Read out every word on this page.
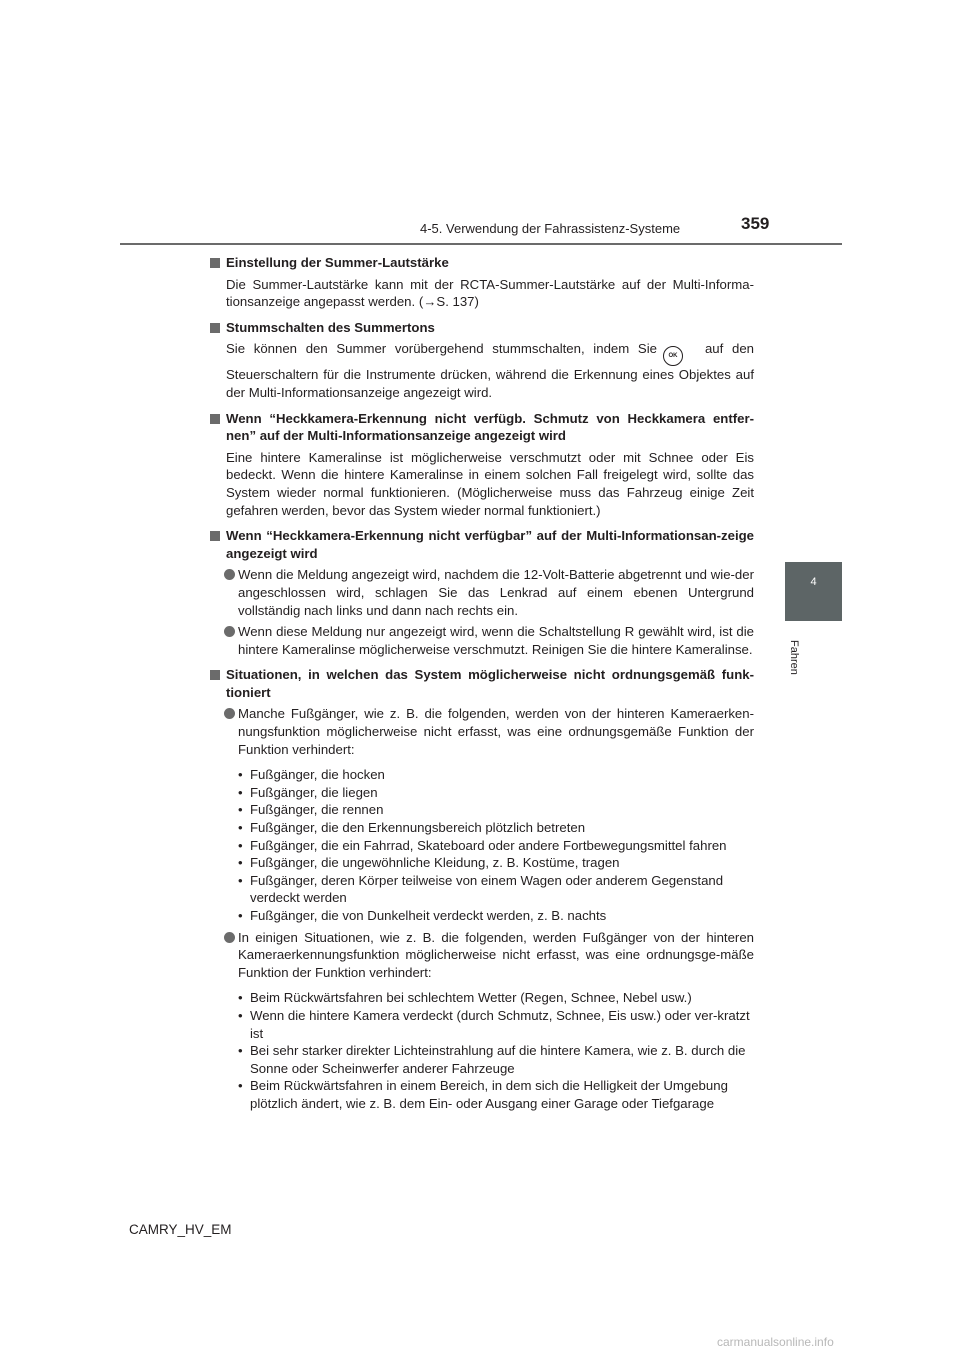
4-5. Verwendung der Fahrassistenz-Systeme	359
4
Fahren
Einstellung der Summer-Lautstärke
Die Summer-Lautstärke kann mit der RCTA-Summer-Lautstärke auf der Multi-Informa-tionsanzeige angepasst werden. (→S. 137)
Stummschalten des Summertons
Sie können den Summer vorübergehend stummschalten, indem Sie OK auf den Steuerschaltern für die Instrumente drücken, während die Erkennung eines Objektes auf der Multi-Informationsanzeige angezeigt wird.
Wenn “Heckkamera-Erkennung nicht verfügb. Schmutz von Heckkamera entfer-nen” auf der Multi-Informationsanzeige angezeigt wird
Eine hintere Kameralinse ist möglicherweise verschmutzt oder mit Schnee oder Eis bedeckt. Wenn die hintere Kameralinse in einem solchen Fall freigelegt wird, sollte das System wieder normal funktionieren. (Möglicherweise muss das Fahrzeug einige Zeit gefahren werden, bevor das System wieder normal funktioniert.)
Wenn “Heckkamera-Erkennung nicht verfügbar” auf der Multi-Informationsan-zeige angezeigt wird
Wenn die Meldung angezeigt wird, nachdem die 12-Volt-Batterie abgetrennt und wie-der angeschlossen wird, schlagen Sie das Lenkrad auf einem ebenen Untergrund vollständig nach links und dann nach rechts ein.
Wenn diese Meldung nur angezeigt wird, wenn die Schaltstellung R gewählt wird, ist die hintere Kameralinse möglicherweise verschmutzt. Reinigen Sie die hintere Kameralinse.
Situationen, in welchen das System möglicherweise nicht ordnungsgemäß funk-tioniert
Manche Fußgänger, wie z. B. die folgenden, werden von der hinteren Kameraerken-nungsfunktion möglicherweise nicht erfasst, was eine ordnungsgemäße Funktion der Funktion verhindert:
• Fußgänger, die hocken
• Fußgänger, die liegen
• Fußgänger, die rennen
• Fußgänger, die den Erkennungsbereich plötzlich betreten
• Fußgänger, die ein Fahrrad, Skateboard oder andere Fortbewegungsmittel fahren
• Fußgänger, die ungewöhnliche Kleidung, z. B. Kostüme, tragen
• Fußgänger, deren Körper teilweise von einem Wagen oder anderem Gegenstand verdeckt werden
• Fußgänger, die von Dunkelheit verdeckt werden, z. B. nachts
In einigen Situationen, wie z. B. die folgenden, werden Fußgänger von der hinteren Kameraerkennungsfunktion möglicherweise nicht erfasst, was eine ordnungsge-mäße Funktion der Funktion verhindert:
• Beim Rückwärtsfahren bei schlechtem Wetter (Regen, Schnee, Nebel usw.)
• Wenn die hintere Kamera verdeckt (durch Schmutz, Schnee, Eis usw.) oder ver-kratzt ist
• Bei sehr starker direkter Lichteinstrahlung auf die hintere Kamera, wie z. B. durch die Sonne oder Scheinwerfer anderer Fahrzeuge
• Beim Rückwärtsfahren in einem Bereich, in dem sich die Helligkeit der Umgebung plötzlich ändert, wie z. B. dem Ein- oder Ausgang einer Garage oder Tiefgarage
CAMRY_HV_EM
carmanualsonline.info
